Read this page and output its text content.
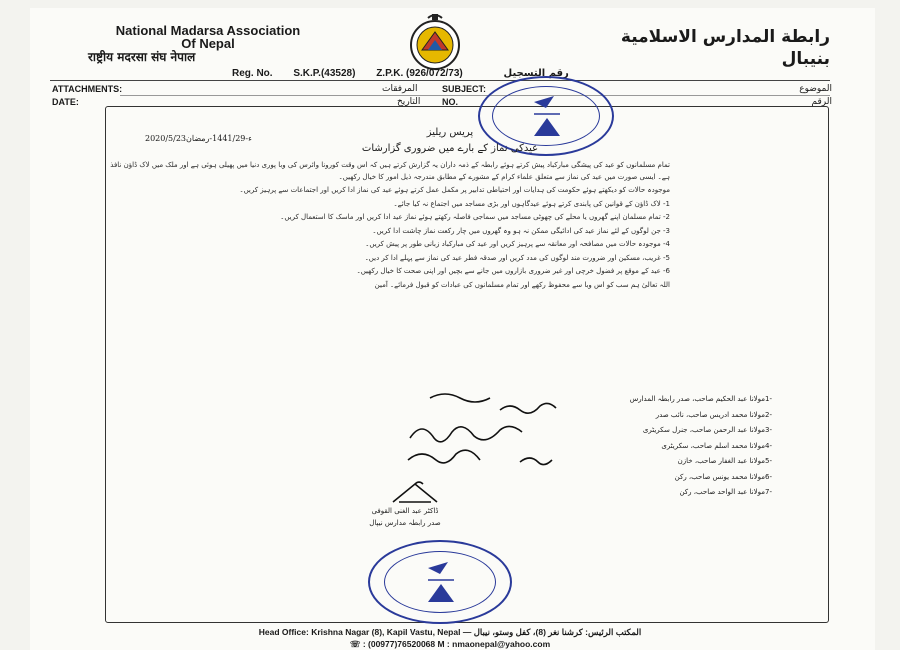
National Madarsa Association
Of Nepal
राष्ट्रीय मदरसा संघ नेपाल
رابطة المدارس الاسلامية
بنيبال
Reg. No. S.K.P.(43528) Z.P.K. (926/072/73)	رقم التسجيل
ATTACHMENTS:	المرفقات	SUBJECT:	الموضوع
DATE:	التاريخ NO.	الرقم
2020/5/23ء-1441/29-رمضان
پریس ریلیز
عیدکی نماز کے بارے میں ضروری گزارشات

تمام مسلمانوں کو عید کی پیشگی مبارکباد پیش کرتے ہوئے رابطہ کے ذمہ داران یہ گزارش کرتے ہیں کہ اس وقت کورونا وائرس کی وبا پوری دنیا میں پھیلی ہوئی ہے اور ملک میں لاک ڈاؤن نافذ ہے۔ ایسی صورت میں عید کی نماز سے متعلق علماء کرام کے مشورے کے مطابق مندرجہ ذیل امور کا خیال رکھیں۔

موجودہ حالات کو دیکھتے ہوئے حکومت کی ہدایات اور احتیاطی تدابیر پر مکمل عمل کرتے ہوئے عید کی نماز ادا کریں اور اجتماعات سے پرہیز کریں۔

1- لاک ڈاؤن کے قوانین کی پابندی کرتے ہوئے عیدگاہوں اور بڑی مساجد میں اجتماع نہ کیا جائے۔

2- تمام مسلمان اپنے گھروں یا محلے کی چھوٹی مساجد میں سماجی فاصلہ رکھتے ہوئے نماز عید ادا کریں اور ماسک کا استعمال کریں۔

3- جن لوگوں کے لئے نماز عید کی ادائیگی ممکن نہ ہو وہ گھروں میں چار رکعت نماز چاشت ادا کریں۔

4- موجودہ حالات میں مصافحہ اور معانقہ سے پرہیز کریں اور عید کی مبارکباد زبانی طور پر پیش کریں۔

5- غریب، مسکین اور ضرورت مند لوگوں کی مدد کریں اور صدقہ فطر عید کی نماز سے پہلے ادا کر دیں۔

6- عید کے موقع پر فضول خرچی اور غیر ضروری بازاروں میں جانے سے بچیں اور اپنی صحت کا خیال رکھیں۔

اللہ تعالیٰ ہم سب کو اس وبا سے محفوظ رکھے اور تمام مسلمانوں کی عبادات کو قبول فرمائے۔ آمین

1-
مولانا عبد الحکیم صاحب، صدر رابطہ المدارس
2-
مولانا محمد ادریس صاحب، نائب صدر
3-
مولانا عبد الرحمن صاحب، جنرل سکریٹری
4-
مولانا محمد اسلم صاحب، سکریٹری
5-
مولانا عبد الغفار صاحب، خازن
6-
مولانا محمد یونس صاحب، رکن
7-
مولانا عبد الواحد صاحب، رکن
ڈاکٹر عبد الغنی القوفی
صدر رابطہ مدارس نیپال
Head Office: Krishna Nagar (8), Kapil Vastu, Nepal — المكتب الرئيس: كرشنا نغر (8)، كفل وستو، نيبال
☏ : (00977)76520068 M : nmaonepal@yahoo.com
